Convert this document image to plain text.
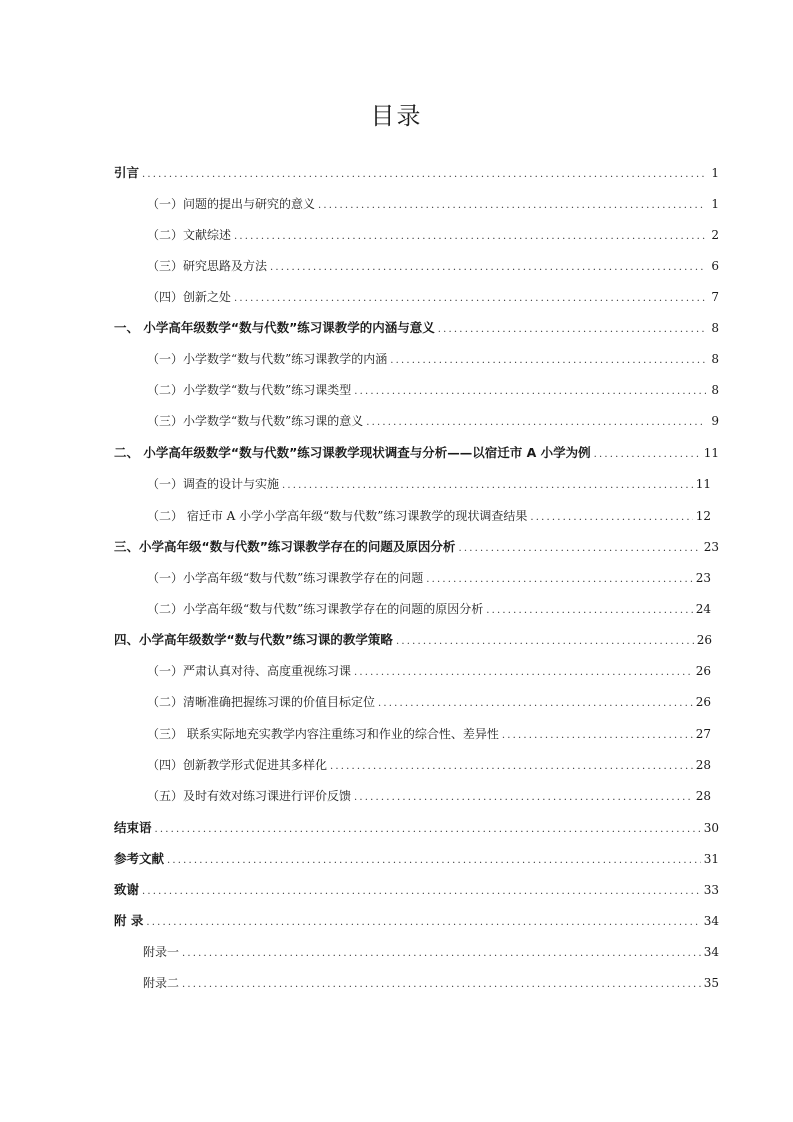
目录
引言 .....	1
（一）问题的提出与研究的意义 .....	1
（二）文献综述 .....	2
（三）研究思路及方法 .....	6
（四）创新之处 .....	7
一、 小学高年级数学“数与代数”练习课教学的内涵与意义 .....	8
（一）小学数学“数与代数”练习课教学的内涵 .....	8
（二）小学数学“数与代数”练习课类型 .....	8
（三）小学数学“数与代数”练习课的意义 .....	9
二、 小学高年级数学“数与代数”练习课教学现状调查与分析——以宿迁市 A 小学为例 .....	11
（一）调查的设计与实施 .....	11
（二） 宿迁市 A 小学小学高年级“数与代数”练习课教学的现状调查结果 .....	12
三、小学高年级“数与代数”练习课教学存在的问题及原因分析 .....	23
（一）小学高年级“数与代数”练习课教学存在的问题 .....	23
（二）小学高年级“数与代数”练习课教学存在的问题的原因分析 .....	24
四、小学高年级数学“数与代数”练习课的教学策略 .....	26
（一）严肃认真对待、高度重视练习课 .....	26
（二）清晰准确把握练习课的价值目标定位 .....	26
（三） 联系实际地充实教学内容注重练习和作业的综合性、差异性 .....	27
（四）创新教学形式促进其多样化 .....	28
（五）及时有效对练习课进行评价反馈 .....	28
结束语 .....	30
参考文献 .....	31
致谢 .....	33
附 录 .....	34
附录一 .....	34
附录二 .....	35
